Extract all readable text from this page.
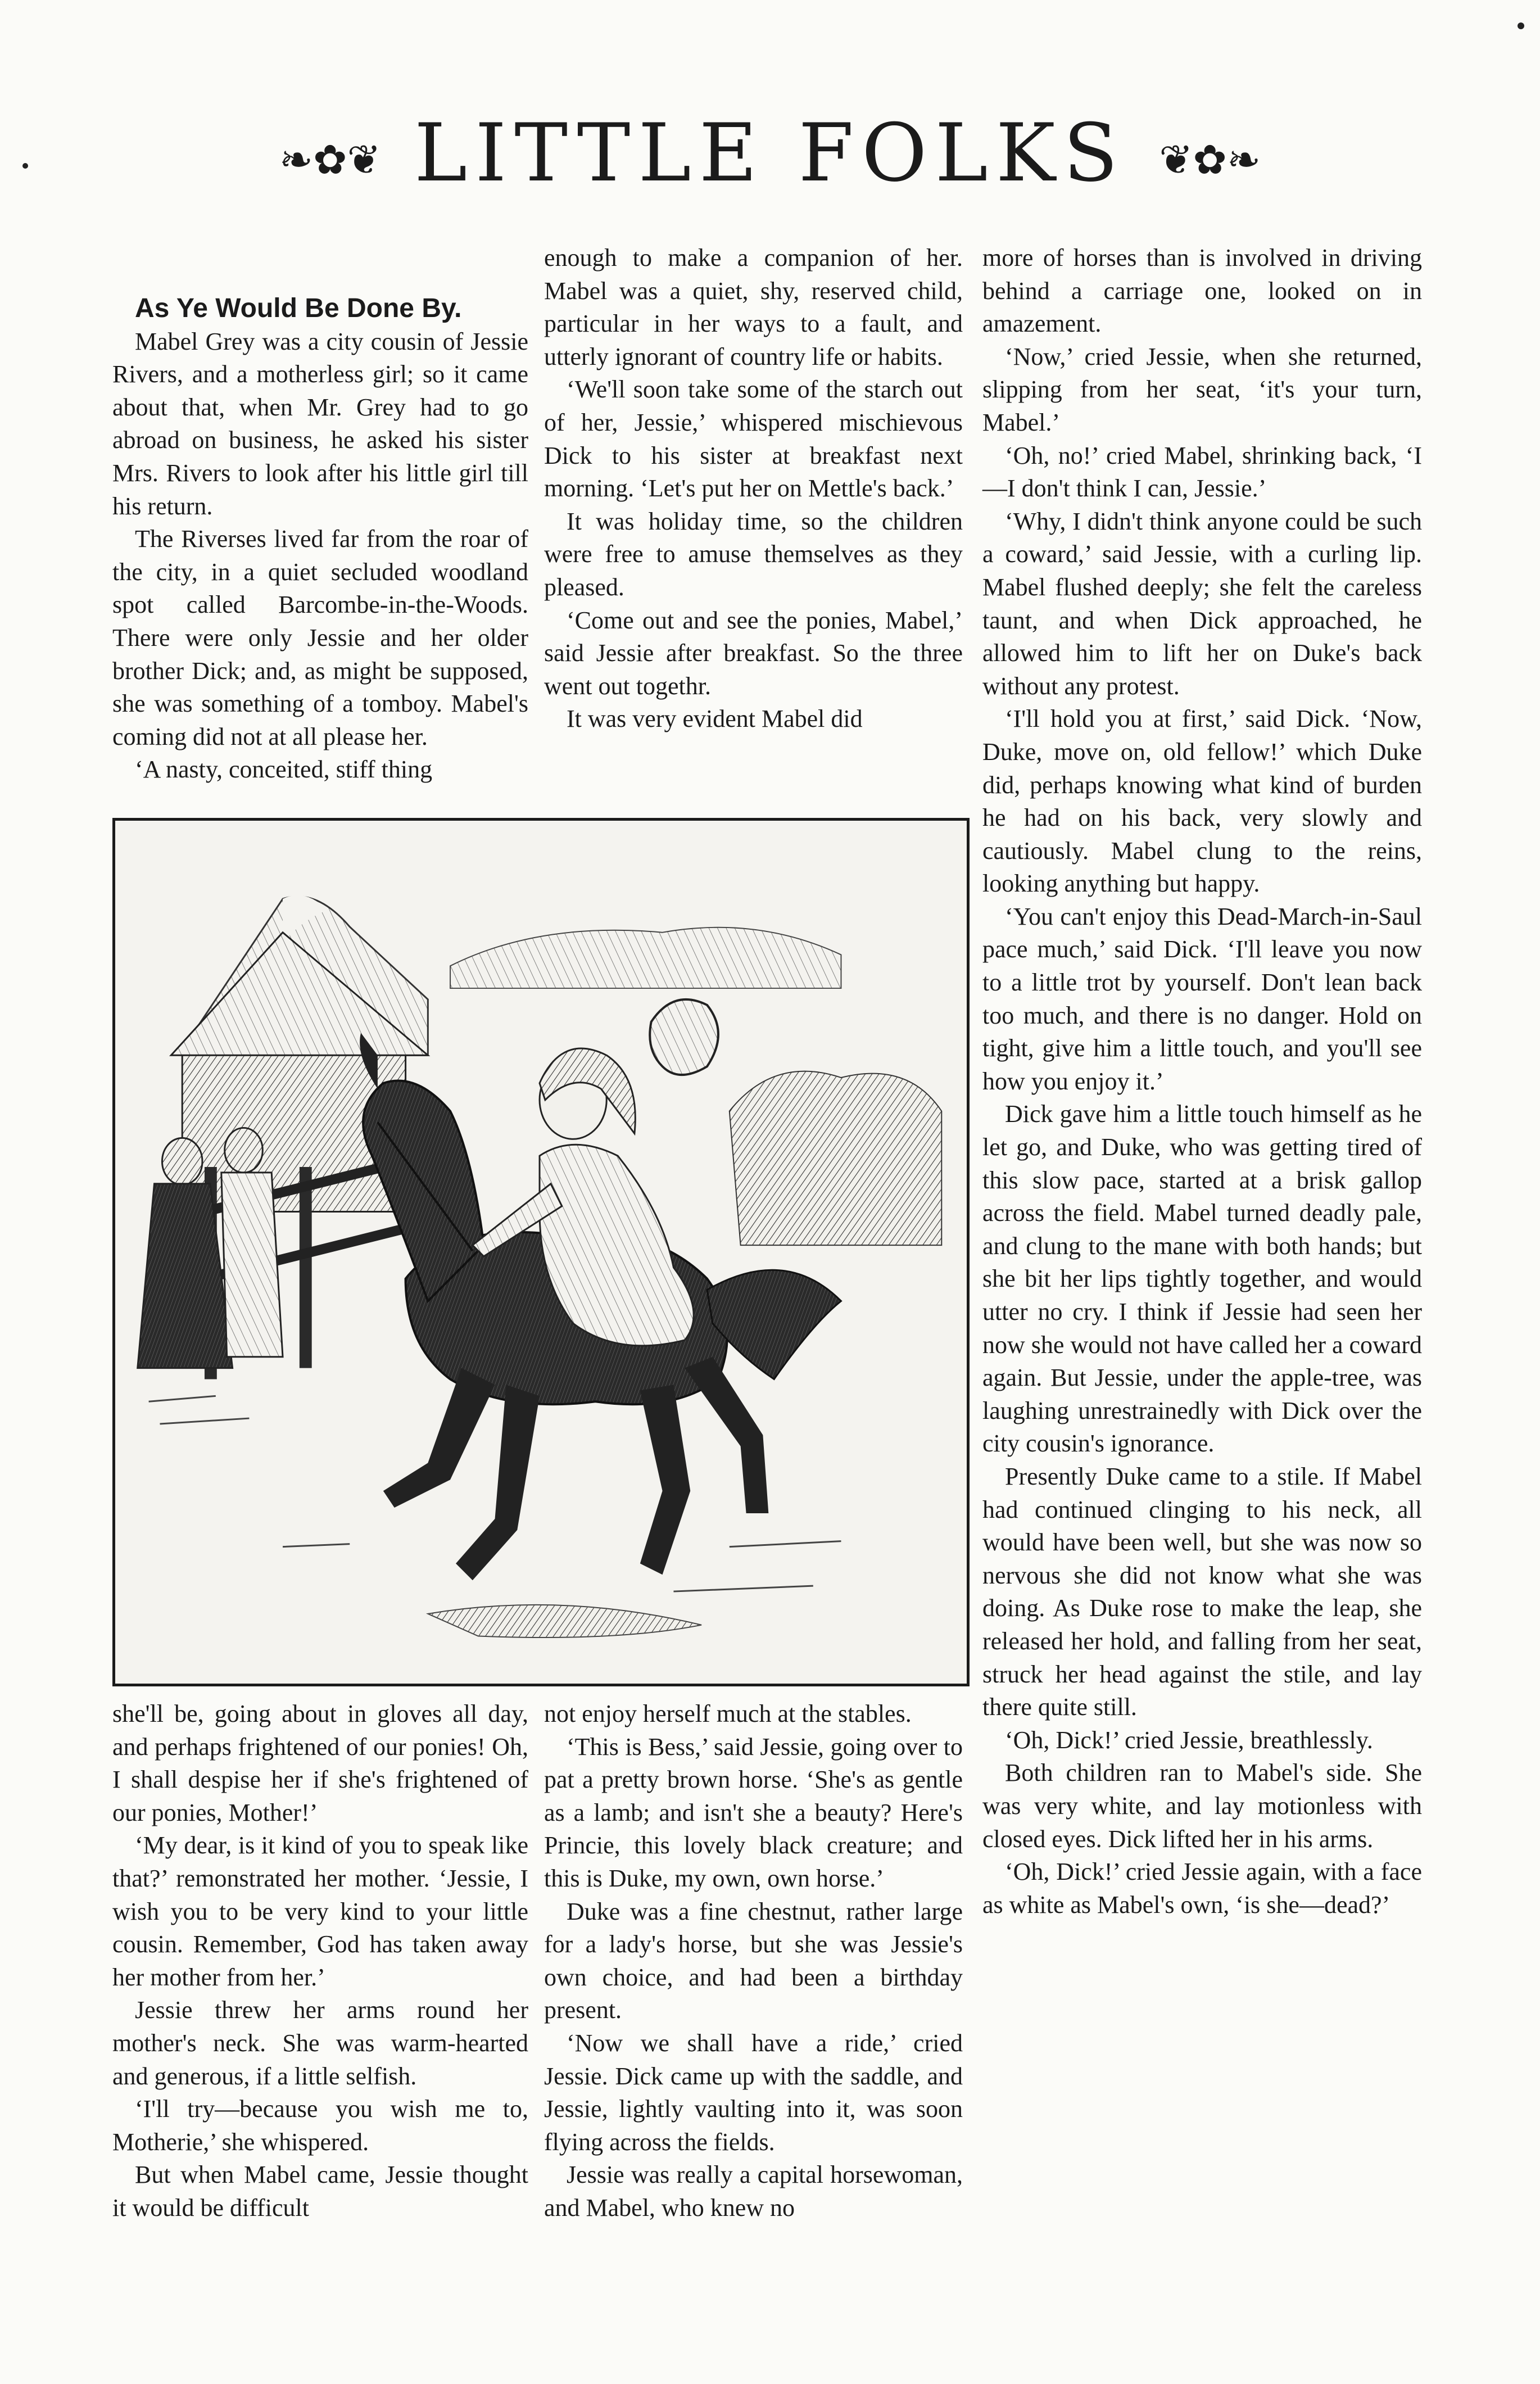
❧✿❦ LITTLE FOLKS ❦✿❧

As Ye Would Be Done By.

Mabel Grey was a city cousin of Jessie Rivers, and a motherless girl; so it came about that, when Mr. Grey had to go abroad on business, he asked his sister Mrs. Rivers to look after his little girl till his return.

The Riverses lived far from the roar of the city, in a quiet secluded woodland spot called Barcombe-in-the-Woods. There were only Jessie and her older brother Dick; and, as might be supposed, she was something of a tomboy. Mabel's coming did not at all please her.

‘A nasty, conceited, stiff thing

enough to make a companion of her. Mabel was a quiet, shy, reserved child, particular in her ways to a fault, and utterly ignorant of country life or habits.

‘We'll soon take some of the starch out of her, Jessie,’ whispered mischievous Dick to his sister at breakfast next morning. ‘Let's put her on Mettle's back.’

It was holiday time, so the children were free to amuse themselves as they pleased.

‘Come out and see the ponies, Mabel,’ said Jessie after breakfast. So the three went out togethr.

It was very evident Mabel did

more of horses than is involved in driving behind a carriage one, looked on in amazement.

‘Now,’ cried Jessie, when she returned, slipping from her seat, ‘it's your turn, Mabel.’

‘Oh, no!’ cried Mabel, shrinking back, ‘I—I don't think I can, Jessie.’

‘Why, I didn't think anyone could be such a coward,’ said Jessie, with a curling lip. Mabel flushed deeply; she felt the careless taunt, and when Dick approached, he allowed him to lift her on Duke's back without any protest.

‘I'll hold you at first,’ said Dick. ‘Now, Duke, move on, old fellow!’ which Duke did, perhaps knowing what kind of burden he had on his back, very slowly and cautiously. Mabel clung to the reins, looking anything but happy.

‘You can't enjoy this Dead-March-in-Saul pace much,’ said Dick. ‘I'll leave you now to a little trot by yourself. Don't lean back too much, and there is no danger. Hold on tight, give him a little touch, and you'll see how you enjoy it.’

Dick gave him a little touch himself as he let go, and Duke, who was getting tired of this slow pace, started at a brisk gallop across the field. Mabel turned deadly pale, and clung to the mane with both hands; but she bit her lips tightly together, and would utter no cry. I think if Jessie had seen her now she would not have called her a coward again. But Jessie, under the apple-tree, was laughing unrestrainedly with Dick over the city cousin's ignorance.

Presently Duke came to a stile. If Mabel had continued clinging to his neck, all would have been well, but she was now so nervous she did not know what she was doing. As Duke rose to make the leap, she released her hold, and falling from her seat, struck her head against the stile, and lay there quite still.

‘Oh, Dick!’ cried Jessie, breathlessly.

Both children ran to Mabel's side. She was very white, and lay motionless with closed eyes. Dick lifted her in his arms.

‘Oh, Dick!’ cried Jessie again, with a face as white as Mabel's own, ‘is she—dead?’

she'll be, going about in gloves all day, and perhaps frightened of our ponies! Oh, I shall despise her if she's frightened of our ponies, Mother!’

‘My dear, is it kind of you to speak like that?’ remonstrated her mother. ‘Jessie, I wish you to be very kind to your little cousin. Remember, God has taken away her mother from her.’

Jessie threw her arms round her mother's neck. She was warm-hearted and generous, if a little selfish.

‘I'll try—because you wish me to, Motherie,’ she whispered.

But when Mabel came, Jessie thought it would be difficult

not enjoy herself much at the stables.

‘This is Bess,’ said Jessie, going over to pat a pretty brown horse. ‘She's as gentle as a lamb; and isn't she a beauty? Here's Princie, this lovely black creature; and this is Duke, my own, own horse.’

Duke was a fine chestnut, rather large for a lady's horse, but she was Jessie's own choice, and had been a birthday present.

‘Now we shall have a ride,’ cried Jessie. Dick came up with the saddle, and Jessie, lightly vaulting into it, was soon flying across the fields.

Jessie was really a capital horsewoman, and Mabel, who knew no
